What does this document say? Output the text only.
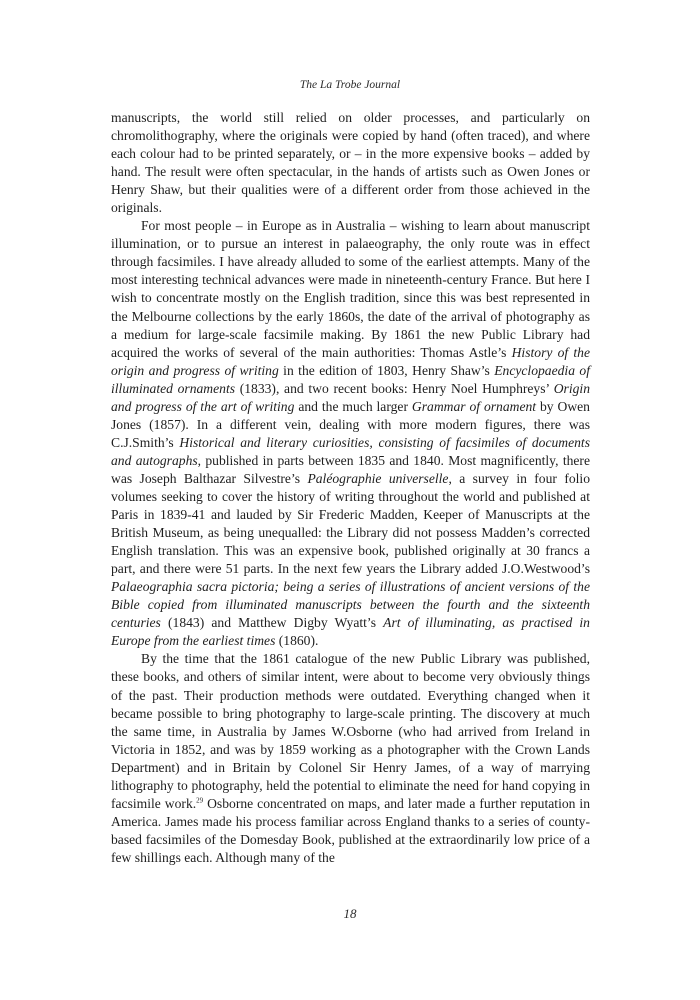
The La Trobe Journal

manuscripts, the world still relied on older processes, and particularly on chromolithography, where the originals were copied by hand (often traced), and where each colour had to be printed separately, or – in the more expensive books – added by hand. The result were often spectacular, in the hands of artists such as Owen Jones or Henry Shaw, but their qualities were of a different order from those achieved in the originals.

For most people – in Europe as in Australia – wishing to learn about manuscript illumination, or to pursue an interest in palaeography, the only route was in effect through facsimiles. I have already alluded to some of the earliest attempts. Many of the most interesting technical advances were made in nineteenth-century France. But here I wish to concentrate mostly on the English tradition, since this was best represented in the Melbourne collections by the early 1860s, the date of the arrival of photography as a medium for large-scale facsimile making. By 1861 the new Public Library had acquired the works of several of the main authorities: Thomas Astle’s History of the origin and progress of writing in the edition of 1803, Henry Shaw’s Encyclopaedia of illuminated ornaments (1833), and two recent books: Henry Noel Humphreys’ Origin and progress of the art of writing and the much larger Grammar of ornament by Owen Jones (1857). In a different vein, dealing with more modern figures, there was C.J.Smith’s Historical and literary curiosities, consisting of facsimiles of documents and autographs, published in parts between 1835 and 1840. Most magnificently, there was Joseph Balthazar Silvestre’s Paléographie universelle, a survey in four folio volumes seeking to cover the history of writing throughout the world and published at Paris in 1839-41 and lauded by Sir Frederic Madden, Keeper of Manuscripts at the British Museum, as being unequalled: the Library did not possess Madden’s corrected English translation. This was an expensive book, published originally at 30 francs a part, and there were 51 parts. In the next few years the Library added J.O.Westwood’s Palaeographia sacra pictoria; being a series of illustrations of ancient versions of the Bible copied from illuminated manuscripts between the fourth and the sixteenth centuries (1843) and Matthew Digby Wyatt’s Art of illuminating, as practised in Europe from the earliest times (1860).

By the time that the 1861 catalogue of the new Public Library was published, these books, and others of similar intent, were about to become very obviously things of the past. Their production methods were outdated. Everything changed when it became possible to bring photography to large-scale printing. The discovery at much the same time, in Australia by James W.Osborne (who had arrived from Ireland in Victoria in 1852, and was by 1859 working as a photographer with the Crown Lands Department) and in Britain by Colonel Sir Henry James, of a way of marrying lithography to photography, held the potential to eliminate the need for hand copying in facsimile work.$^{29}$ Osborne concentrated on maps, and later made a further reputation in America. James made his process familiar across England thanks to a series of county-based facsimiles of the Domesday Book, published at the extraordinarily low price of a few shillings each. Although many of the

18
